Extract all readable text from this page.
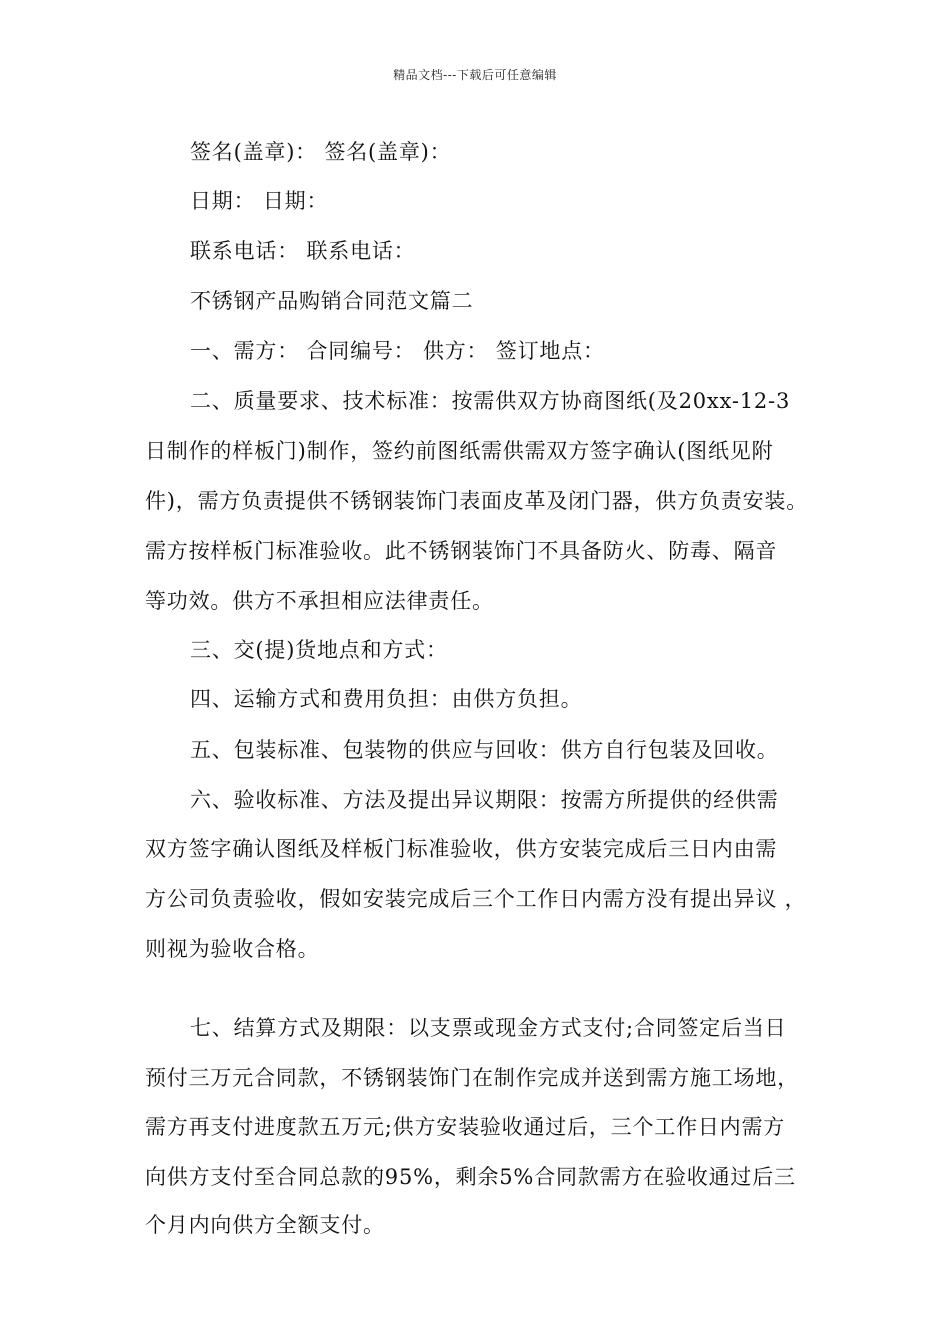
精品文档---下载后可任意编辑
签名(盖章)： 签名(盖章)：
日期： 日期：
联系电话： 联系电话：
不锈钢产品购销合同范文篇二
一、需方： 合同编号： 供方： 签订地点：
二、质量要求、技术标准：按需供双方协商图纸(及20xx-12-3
日制作的样板门)制作，签约前图纸需供需双方签字确认(图纸见附
件)，需方负责提供不锈钢装饰门表面皮革及闭门器，供方负责安装。
需方按样板门标准验收。此不锈钢装饰门不具备防火、防毒、隔音
等功效。供方不承担相应法律责任。
三、交(提)货地点和方式：
四、运输方式和费用负担：由供方负担。
五、包装标准、包装物的供应与回收：供方自行包装及回收。
六、验收标准、方法及提出异议期限：按需方所提供的经供需
双方签字确认图纸及样板门标准验收，供方安装完成后三日内由需
方公司负责验收，假如安装完成后三个工作日内需方没有提出异议 ，
则视为验收合格。
七、结算方式及期限：以支票或现金方式支付;合同签定后当日
预付三万元合同款，不锈钢装饰门在制作完成并送到需方施工场地，
需方再支付进度款五万元;供方安装验收通过后，三个工作日内需方
向供方支付至合同总款的95%，剩余5%合同款需方在验收通过后三
个月内向供方全额支付。
